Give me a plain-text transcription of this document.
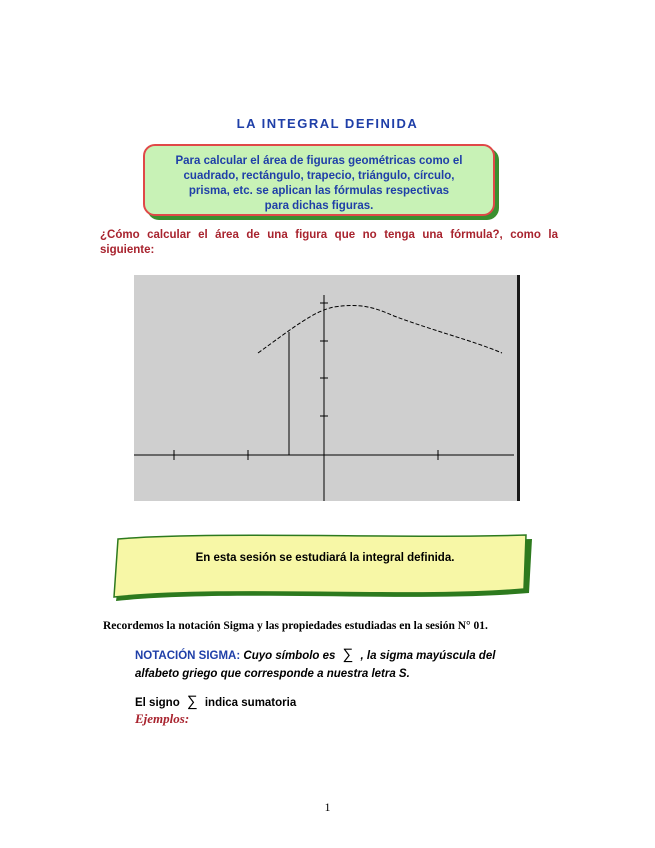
LA INTEGRAL DEFINIDA
Para calcular el área de figuras geométricas como el
cuadrado, rectángulo, trapecio, triángulo, círculo,
prisma, etc. se aplican las fórmulas respectivas
para dichas figuras.
¿Cómo calcular el área de una figura que no tenga una fórmula?, como la siguiente:
En esta sesión se estudiará la integral definida.
Recordemos la notación Sigma y las propiedades estudiadas en la sesión N° 01.
NOTACIÓN SIGMA: Cuyo símbolo es ∑ , la sigma mayúscula del alfabeto griego que corresponde a nuestra letra S.
El signo ∑ indica sumatoria
Ejemplos:
1
